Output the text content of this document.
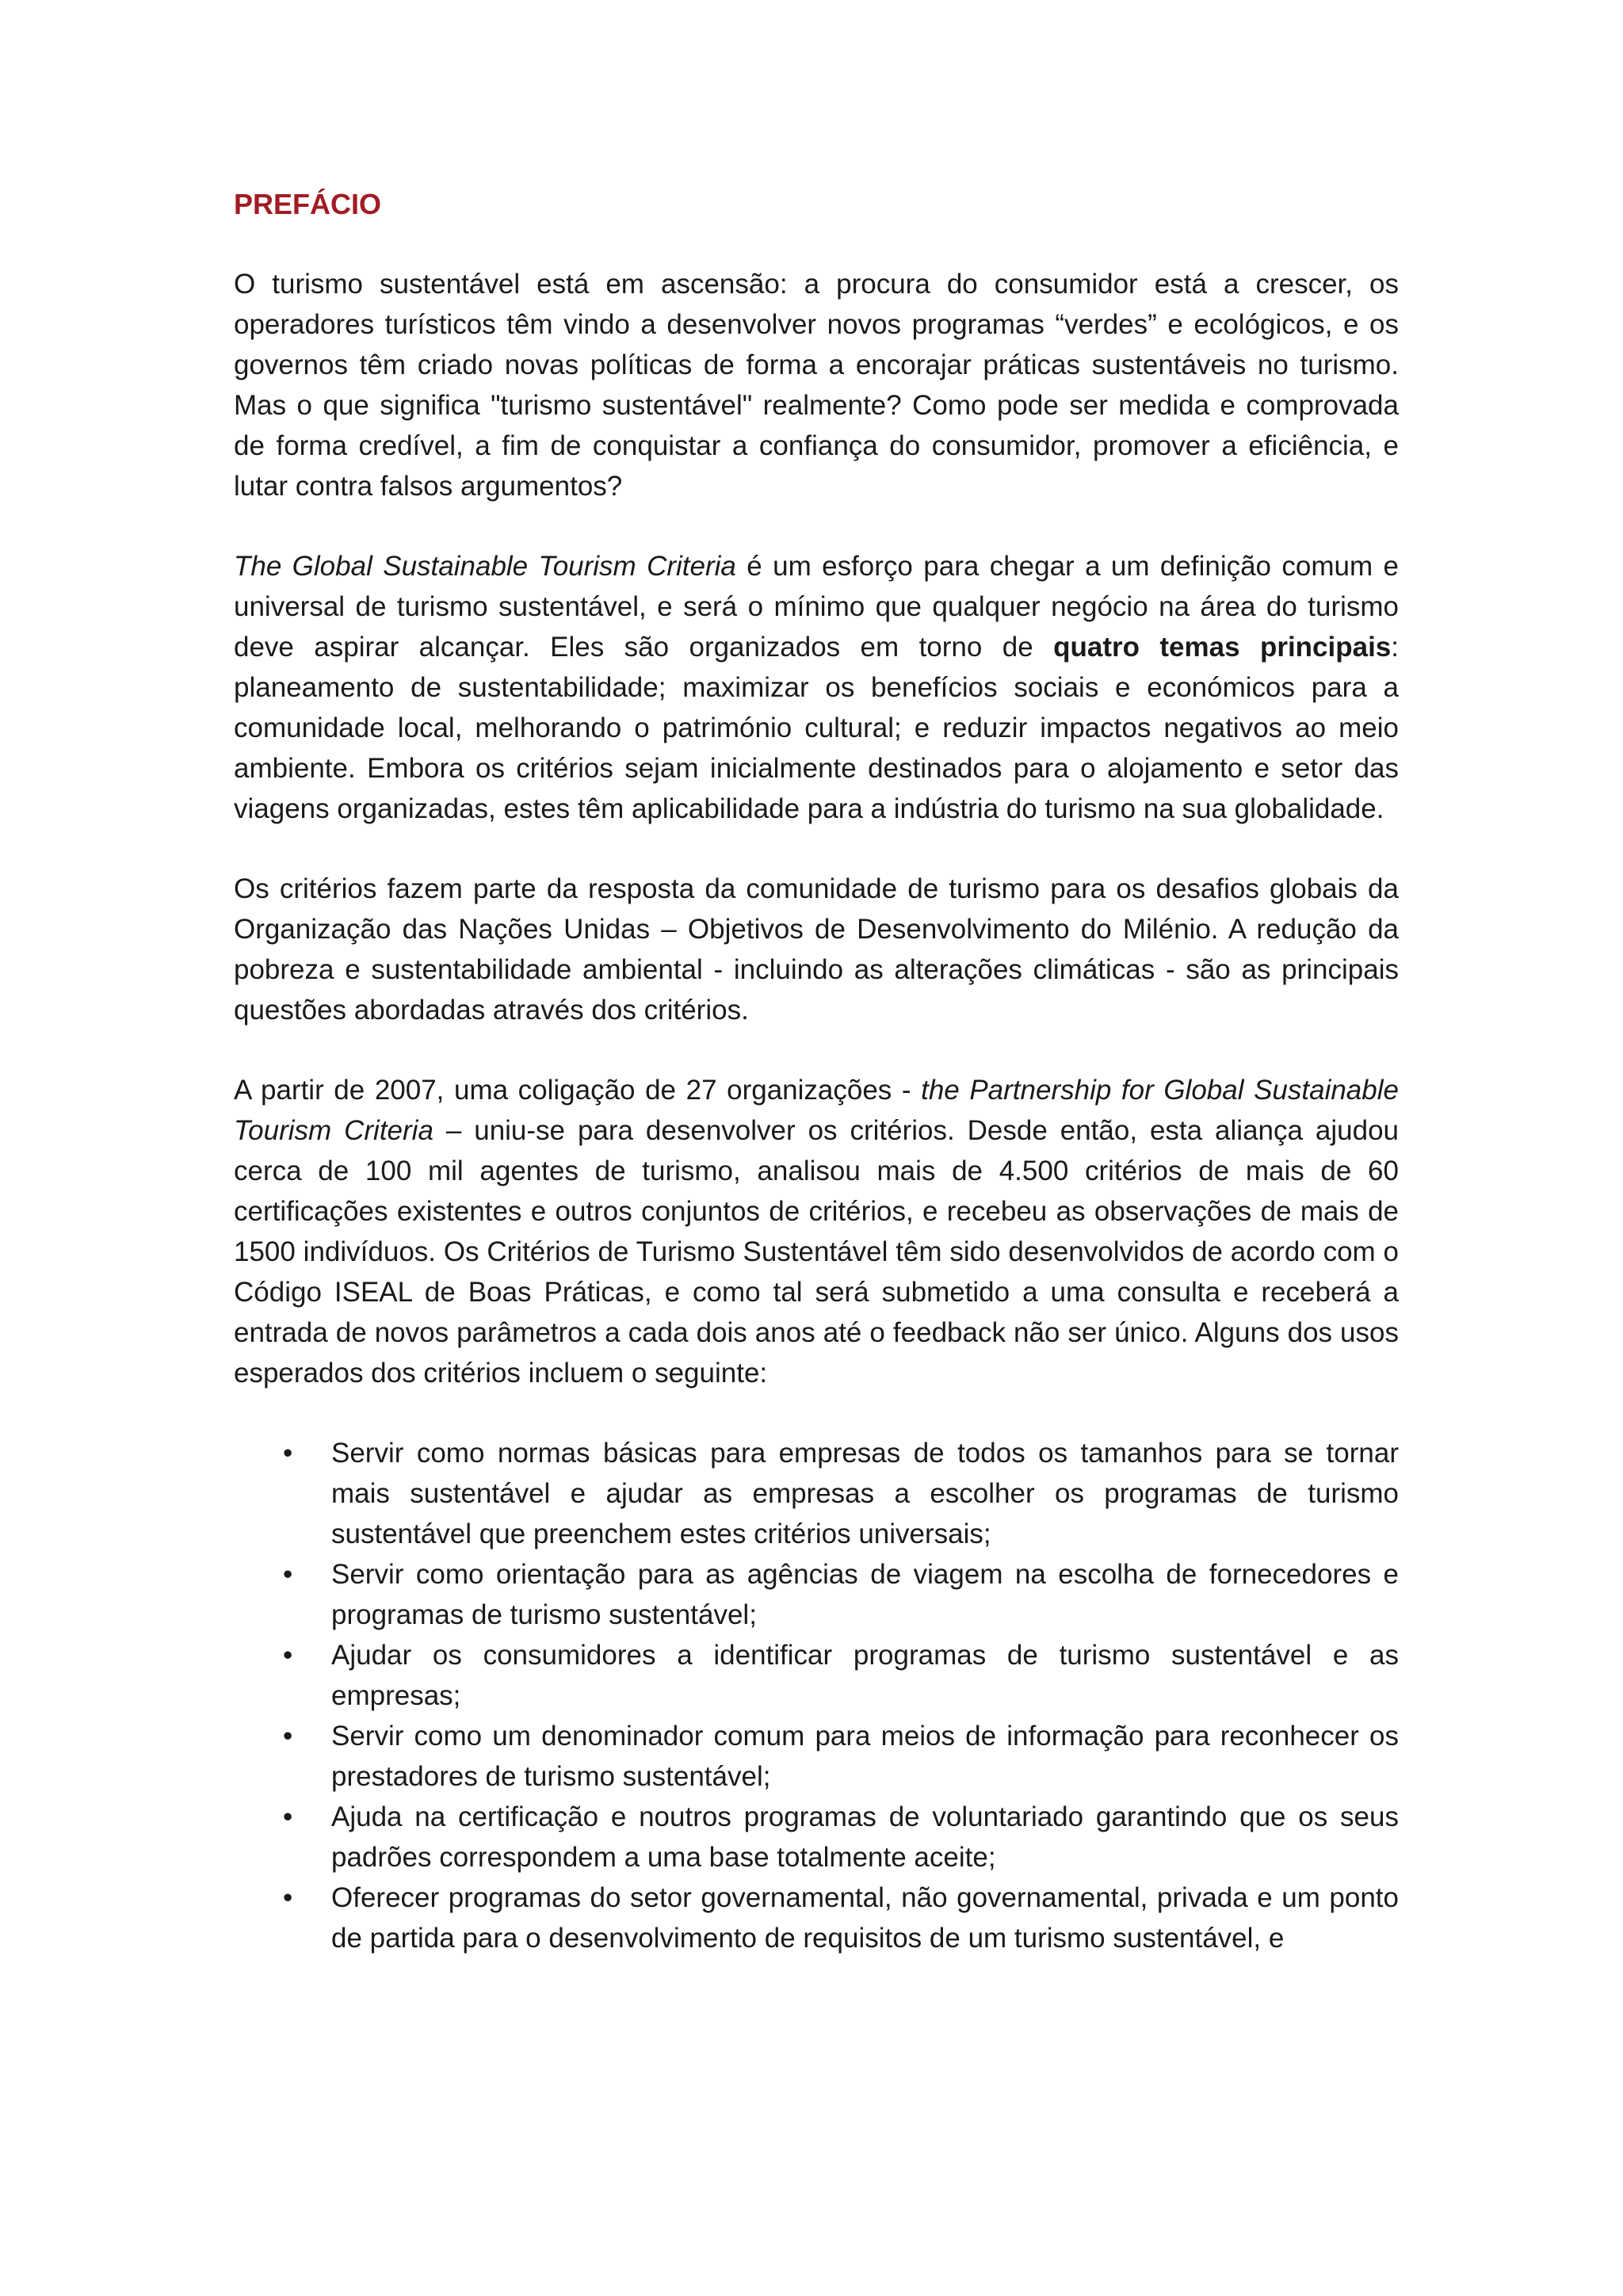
PREFÁCIO

O turismo sustentável está em ascensão: a procura do consumidor está a crescer, os operadores turísticos têm vindo a desenvolver novos programas “verdes” e ecológicos, e os governos têm criado novas políticas de forma a encorajar práticas sustentáveis no turismo. Mas o que significa "turismo sustentável" realmente? Como pode ser medida e comprovada de forma credível, a fim de conquistar a confiança do consumidor, promover a eficiência, e lutar contra falsos argumentos?

The Global Sustainable Tourism Criteria é um esforço para chegar a um definição comum e universal de turismo sustentável, e será o mínimo que qualquer negócio na área do turismo deve aspirar alcançar. Eles são organizados em torno de quatro temas principais: planeamento de sustentabilidade; maximizar os benefícios sociais e económicos para a comunidade local, melhorando o património cultural; e reduzir impactos negativos ao meio ambiente. Embora os critérios sejam inicialmente destinados para o alojamento e setor das viagens organizadas, estes têm aplicabilidade para a indústria do turismo na sua globalidade.

Os critérios fazem parte da resposta da comunidade de turismo para os desafios globais da Organização das Nações Unidas – Objetivos de Desenvolvimento do Milénio. A redução da pobreza e sustentabilidade ambiental - incluindo as alterações climáticas - são as principais questões abordadas através dos critérios.

A partir de 2007, uma coligação de 27 organizações - the Partnership for Global Sustainable Tourism Criteria – uniu-se para desenvolver os critérios. Desde então, esta aliança ajudou cerca de 100 mil agentes de turismo, analisou mais de 4.500 critérios de mais de 60 certificações existentes e outros conjuntos de critérios, e recebeu as observações de mais de 1500 indivíduos. Os Critérios de Turismo Sustentável têm sido desenvolvidos de acordo com o Código ISEAL de Boas Práticas, e como tal será submetido a uma consulta e receberá a entrada de novos parâmetros a cada dois anos até o feedback não ser único. Alguns dos usos esperados dos critérios incluem o seguinte:

• Servir como normas básicas para empresas de todos os tamanhos para se tornar mais sustentável e ajudar as empresas a escolher os programas de turismo sustentável que preenchem estes critérios universais;
• Servir como orientação para as agências de viagem na escolha de fornecedores e programas de turismo sustentável;
• Ajudar os consumidores a identificar programas de turismo sustentável e as empresas;
• Servir como um denominador comum para meios de informação para reconhecer os prestadores de turismo sustentável;
• Ajuda na certificação e noutros programas de voluntariado garantindo que os seus padrões correspondem a uma base totalmente aceite;
• Oferecer programas do setor governamental, não governamental, privada e um ponto de partida para o desenvolvimento de requisitos de um turismo sustentável, e
